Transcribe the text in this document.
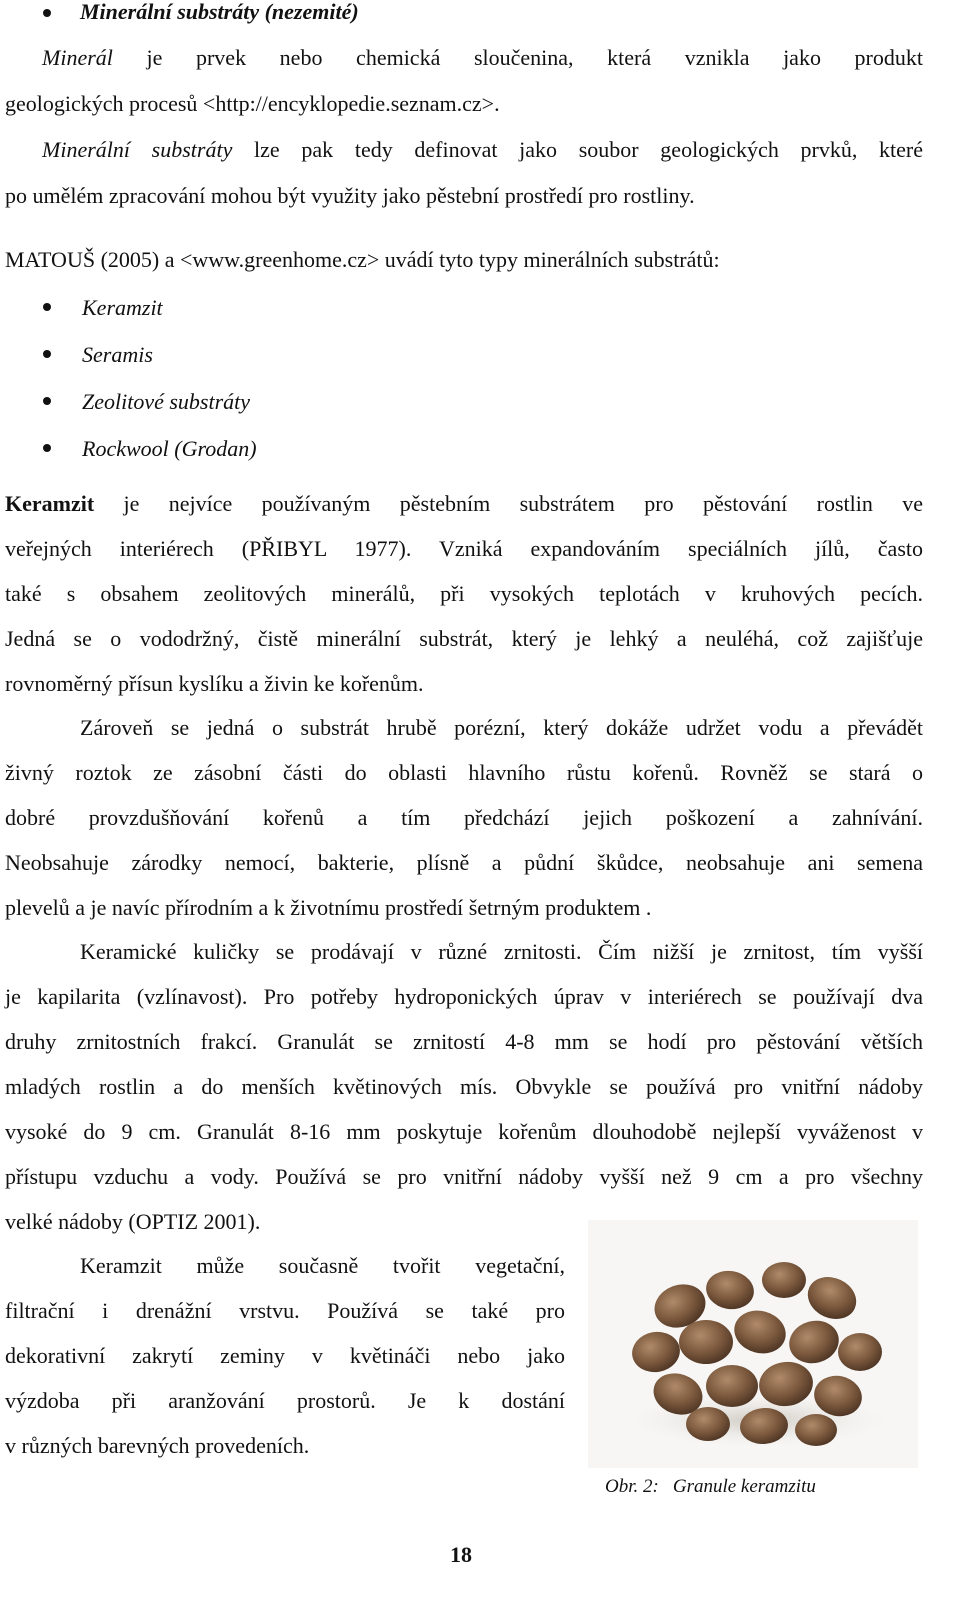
Minerální substráty (nezemité)
Minerál je prvek nebo chemická sloučenina, která vznikla jako produkt
geologických procesů <http://encyklopedie.seznam.cz>.
Minerální substráty lze pak tedy definovat jako soubor geologických prvků, které
po umělém zpracování mohou být využity jako pěstební prostředí pro rostliny.
MATOUŠ (2005) a <www.greenhome.cz> uvádí tyto typy minerálních substrátů:
Keramzit
Seramis
Zeolitové substráty
Rockwool (Grodan)
Keramzit je nejvíce používaným pěstebním substrátem pro pěstování rostlin ve
veřejných interiérech (PŘIBYL 1977). Vzniká expandováním speciálních jílů, často
také s obsahem zeolitových minerálů, při vysokých teplotách v kruhových pecích.
Jedná se o vododržný, čistě minerální substrát, který je lehký a neuléhá, což zajišťuje
rovnoměrný přísun kyslíku a živin ke kořenům.
Zároveň se jedná o substrát hrubě porézní, který dokáže udržet vodu a převádět
živný roztok ze zásobní části do oblasti hlavního růstu kořenů. Rovněž se stará o
dobré provzdušňování kořenů a tím předchází jejich poškození a zahnívání.
Neobsahuje zárodky nemocí, bakterie, plísně a půdní škůdce, neobsahuje ani semena
plevelů a je navíc přírodním a k životnímu prostředí šetrným produktem .
Keramické kuličky se prodávají v různé zrnitosti. Čím nižší je zrnitost, tím vyšší
je kapilarita (vzlínavost). Pro potřeby hydroponických úprav v interiérech se používají dva
druhy zrnitostních frakcí. Granulát se zrnitostí 4-8 mm se hodí pro pěstování větších
mladých rostlin a do menších květinových mís. Obvykle se používá pro vnitřní nádoby
vysoké do 9 cm. Granulát 8-16 mm poskytuje kořenům dlouhodobě nejlepší vyváženost v
přístupu vzduchu a vody. Používá se pro vnitřní nádoby vyšší než 9 cm a pro všechny
velké nádoby (OPTIZ 2001).
Keramzit může současně tvořit vegetační,
filtrační i drenážní vrstvu. Používá se také pro
dekorativní zakrytí zeminy v květináči nebo jako
výzdoba při aranžování prostorů. Je k dostání
v různých barevných provedeních.
Obr. 2: Granule keramzitu
18
